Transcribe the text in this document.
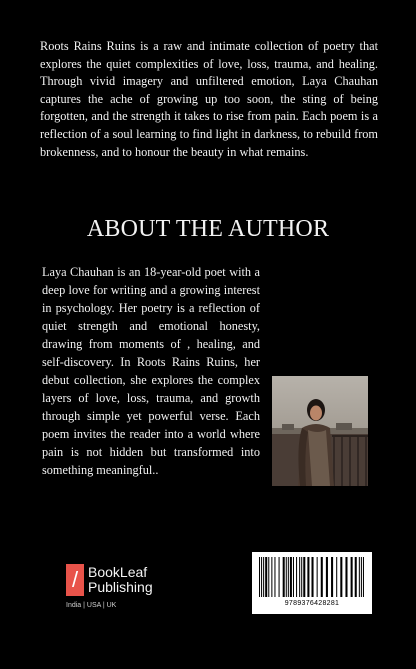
Roots Rains Ruins is a raw and intimate collection of poetry that explores the quiet complexities of love, loss, trauma, and healing. Through vivid imagery and unfiltered emotion, Laya Chauhan captures the ache of growing up too soon, the sting of being forgotten, and the strength it takes to rise from pain. Each poem is a reflection of a soul learning to find light in darkness, to rebuild from brokenness, and to honour the beauty in what remains.

ABOUT THE AUTHOR

Laya Chauhan is an 18-year-old poet with a deep love for writing and a growing interest in psychology. Her poetry is a reflection of quiet strength and emotional honesty, drawing from moments of , healing, and self-discovery. In Roots Rains Ruins, her debut collection, she explores the complex layers of love, loss, trauma, and growth through simple yet powerful verse. Each poem invites the reader into a world where pain is not hidden but transformed into something meaningful..

/ BookLeaf
Publishing
India | USA | UK	9789376428281
